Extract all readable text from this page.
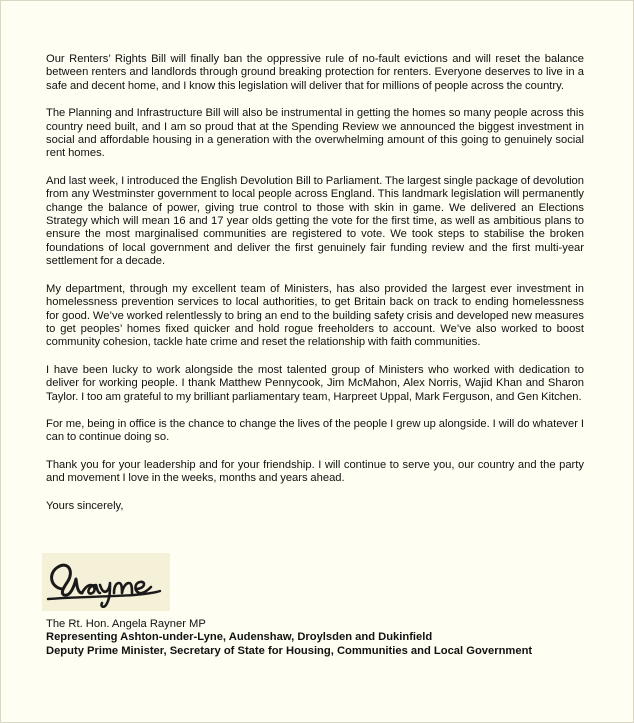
Our Renters’ Rights Bill will finally ban the oppressive rule of no-fault evictions and will reset the balance between renters and landlords through ground breaking protection for renters. Everyone deserves to live in a safe and decent home, and I know this legislation will deliver that for millions of people across the country.

The Planning and Infrastructure Bill will also be instrumental in getting the homes so many people across this country need built, and I am so proud that at the Spending Review we announced the biggest investment in social and affordable housing in a generation with the overwhelming amount of this going to genuinely social rent homes.

And last week, I introduced the English Devolution Bill to Parliament. The largest single package of devolution from any Westminster government to local people across England. This landmark legislation will permanently change the balance of power, giving true control to those with skin in game. We delivered an Elections Strategy which will mean 16 and 17 year olds getting the vote for the first time, as well as ambitious plans to ensure the most marginalised communities are registered to vote. We took steps to stabilise the broken foundations of local government and deliver the first genuinely fair funding review and the first multi-year settlement for a decade.

My department, through my excellent team of Ministers, has also provided the largest ever investment in homelessness prevention services to local authorities, to get Britain back on track to ending homelessness for good. We’ve worked relentlessly to bring an end to the building safety crisis and developed new measures to get peoples’ homes fixed quicker and hold rogue freeholders to account. We’ve also worked to boost community cohesion, tackle hate crime and reset the relationship with faith communities.

I have been lucky to work alongside the most talented group of Ministers who worked with dedication to deliver for working people. I thank Matthew Pennycook, Jim McMahon, Alex Norris, Wajid Khan and Sharon Taylor. I too am grateful to my brilliant parliamentary team, Harpreet Uppal, Mark Ferguson, and Gen Kitchen.

For me, being in office is the chance to change the lives of the people I grew up alongside. I will do whatever I can to continue doing so.

Thank you for your leadership and for your friendship. I will continue to serve you, our country and the party and movement I love in the weeks, months and years ahead.

Yours sincerely,

The Rt. Hon. Angela Rayner MP
Representing Ashton-under-Lyne, Audenshaw, Droylsden and Dukinfield
Deputy Prime Minister, Secretary of State for Housing, Communities and Local Government
